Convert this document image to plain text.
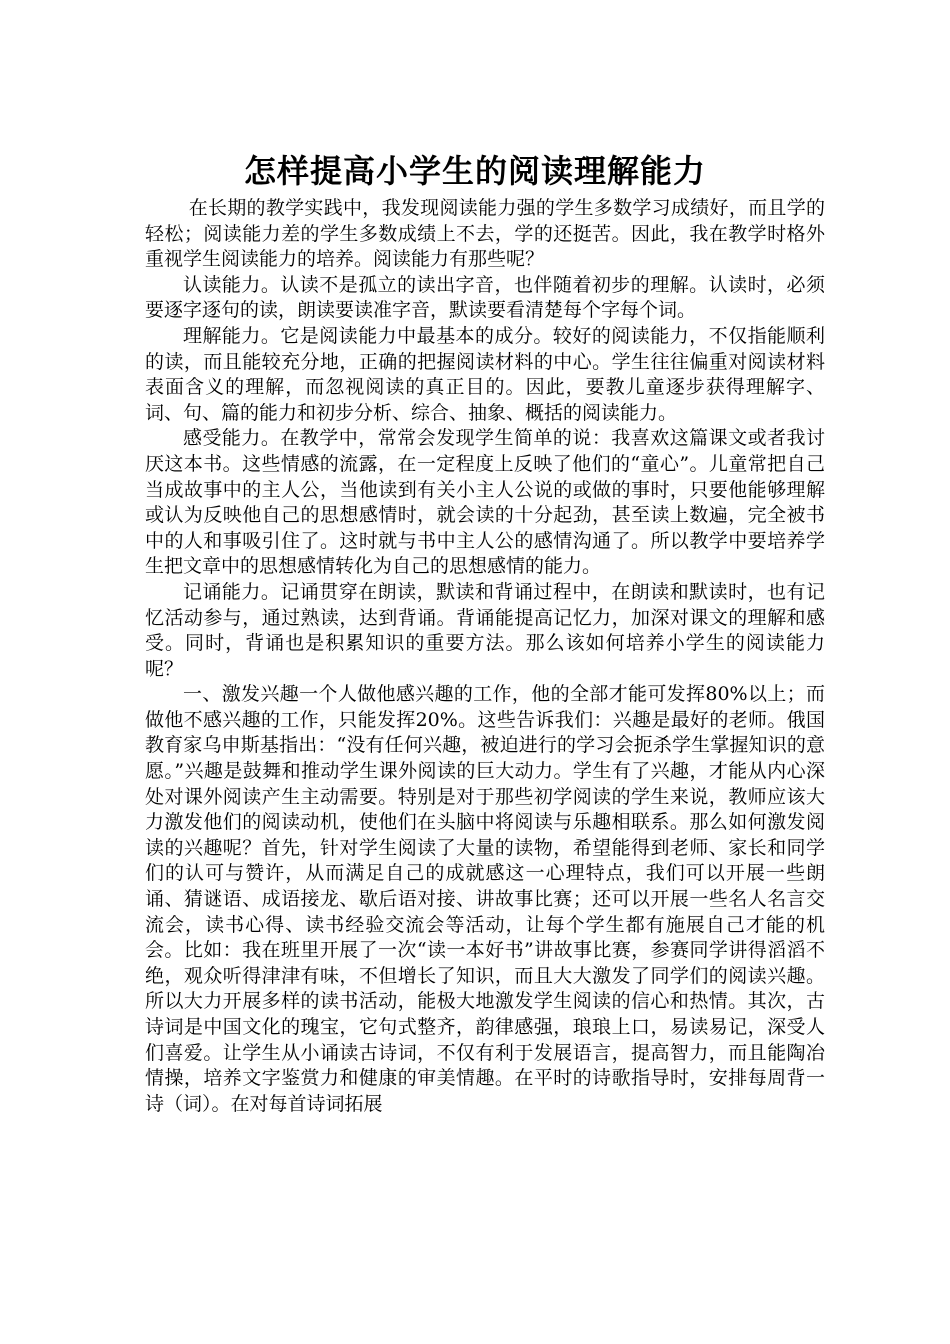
怎样提高小学生的阅读理解能力

在长期的教学实践中，我发现阅读能力强的学生多数学习成绩好，而且学的轻松；阅读能力差的学生多数成绩上不去，学的还挺苦。因此，我在教学时格外重视学生阅读能力的培养。阅读能力有那些呢？

认读能力。认读不是孤立的读出字音，也伴随着初步的理解。认读时，必须要逐字逐句的读，朗读要读准字音，默读要看清楚每个字每个词。

理解能力。它是阅读能力中最基本的成分。较好的阅读能力，不仅指能顺利的读，而且能较充分地，正确的把握阅读材料的中心。学生往往偏重对阅读材料表面含义的理解，而忽视阅读的真正目的。因此，要教儿童逐步获得理解字、词、句、篇的能力和初步分析、综合、抽象、概括的阅读能力。

感受能力。在教学中，常常会发现学生简单的说：我喜欢这篇课文或者我讨厌这本书。这些情感的流露，在一定程度上反映了他们的“童心”。儿童常把自己当成故事中的主人公，当他读到有关小主人公说的或做的事时，只要他能够理解或认为反映他自己的思想感情时，就会读的十分起劲，甚至读上数遍，完全被书中的人和事吸引住了。这时就与书中主人公的感情沟通了。所以教学中要培养学生把文章中的思想感情转化为自己的思想感情的能力。

记诵能力。记诵贯穿在朗读，默读和背诵过程中，在朗读和默读时，也有记忆活动参与，通过熟读，达到背诵。背诵能提高记忆力，加深对课文的理解和感受。同时，背诵也是积累知识的重要方法。那么该如何培养小学生的阅读能力呢？

一、激发兴趣一个人做他感兴趣的工作，他的全部才能可发挥80%以上；而做他不感兴趣的工作，只能发挥20%。这些告诉我们：兴趣是最好的老师。俄国教育家乌申斯基指出：“没有任何兴趣，被迫进行的学习会扼杀学生掌握知识的意愿。”兴趣是鼓舞和推动学生课外阅读的巨大动力。学生有了兴趣，才能从内心深处对课外阅读产生主动需要。特别是对于那些初学阅读的学生来说，教师应该大力激发他们的阅读动机，使他们在头脑中将阅读与乐趣相联系。那么如何激发阅读的兴趣呢？首先，针对学生阅读了大量的读物，希望能得到老师、家长和同学们的认可与赞许，从而满足自己的成就感这一心理特点，我们可以开展一些朗诵、猜谜语、成语接龙、歇后语对接、讲故事比赛；还可以开展一些名人名言交流会，读书心得、读书经验交流会等活动，让每个学生都有施展自己才能的机会。比如：我在班里开展了一次“读一本好书”讲故事比赛，参赛同学讲得滔滔不绝，观众听得津津有味，不但增长了知识，而且大大激发了同学们的阅读兴趣。所以大力开展多样的读书活动，能极大地激发学生阅读的信心和热情。其次，古诗词是中国文化的瑰宝，它句式整齐，韵律感强，琅琅上口，易读易记，深受人们喜爱。让学生从小诵读古诗词，不仅有利于发展语言，提高智力，而且能陶冶情操，培养文字鉴赏力和健康的审美情趣。在平时的诗歌指导时，安排每周背一诗（词）。在对每首诗词拓展
